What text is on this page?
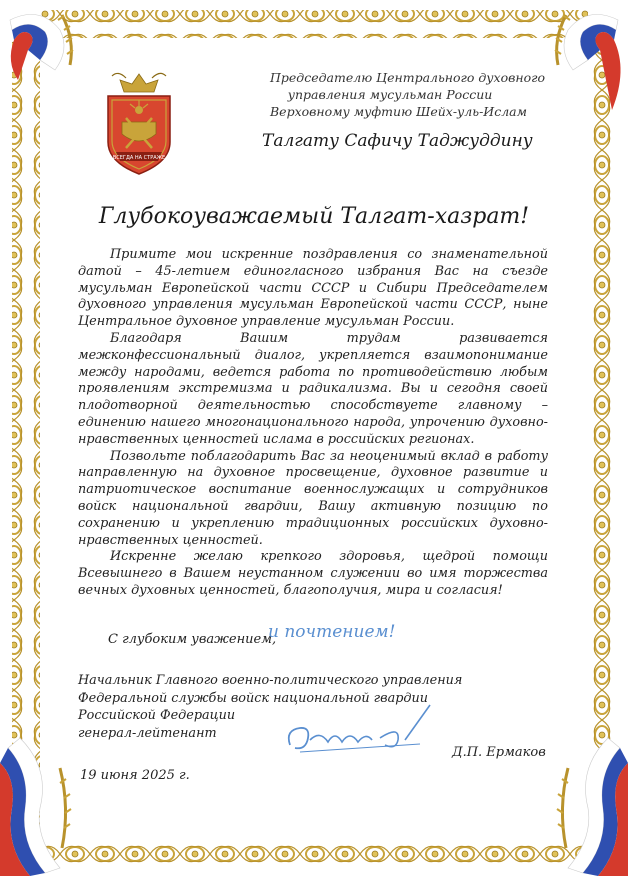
ВСЕГДА НА СТРАЖЕ
Председателю Центрального духовного
управления мусульман России
Верховному муфтию Шейх-уль-Ислам
Талгату Сафичу Таджуддину
Глубокоуважаемый Талгат-хазрат!

Примите мои искренние поздравления со знаменательной датой – 45-летием единогласного избрания Вас на съезде мусульман Европейской части СССР и Сибири Председателем духовного управления мусульман Европейской части СССР, ныне Центральное духовное управление мусульман России.

Благодаря Вашим трудам развивается межконфессиональный диалог, укрепляется взаимопонимание между народами, ведется работа по противодействию любым проявлениям экстремизма и радикализма. Вы и сегодня своей плодотворной деятельностью способствуете главному – единению нашего многонационального народа, упрочению духовно-нравственных ценностей ислама в российских регионах.

Позвольте поблагодарить Вас за неоценимый вклад в работу направленную на духовное просвещение, духовное развитие и патриотическое воспитание военнослужащих и сотрудников войск национальной гвардии, Вашу активную позицию по сохранению и укреплению традиционных российских духовно-нравственных ценностей.

Искренне желаю крепкого здоровья, щедрой помощи Всевышнего в Вашем неустанном служении во имя торжества вечных духовных ценностей, благополучия, мира и согласия!

С глубоким уважением,
и почтением!
Начальник Главного военно-политического управления
Федеральной службы войск национальной гвардии
Российской Федерации
генерал-лейтенант
Д.П. Ермаков
19 июня 2025 г.
